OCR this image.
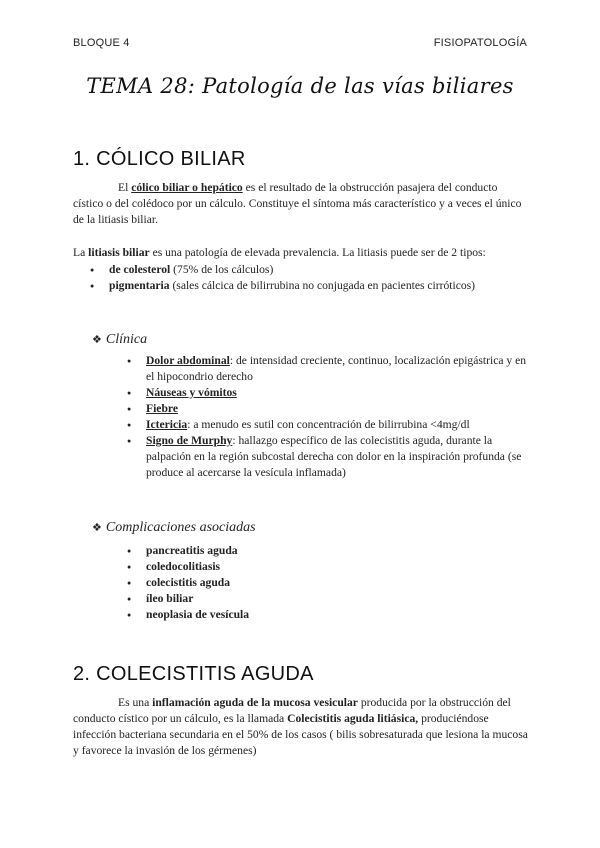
BLOQUE 4	FISIOPATOLOGÍA
TEMA 28: Patología de las vías biliares
1. CÓLICO BILIAR
El cólico biliar o hepático es el resultado de la obstrucción pasajera del conducto cístico o del colédoco por un cálculo. Constituye el síntoma más característico y a veces el único de la litiasis biliar.
La litiasis biliar es una patología de elevada prevalencia. La litiasis puede ser de 2 tipos:
● de colesterol (75% de los cálculos)
● pigmentaria (sales cálcica de bilirrubina no conjugada en pacientes cirróticos)
❖ Clínica
● Dolor abdominal: de intensidad creciente, continuo, localización epigástrica y en el hipocondrio derecho
● Náuseas y vómitos
● Fiebre
● Ictericia: a menudo es sutil con concentración de bilirrubina <4mg/dl
● Signo de Murphy: hallazgo específico de las colecistitis aguda, durante la palpación en la región subcostal derecha con dolor en la inspiración profunda (se produce al acercarse la vesícula inflamada)
❖ Complicaciones asociadas
● pancreatitis aguda
● coledocolitiasis
● colecistitis aguda
● íleo biliar
● neoplasia de vesícula
2. COLECISTITIS AGUDA
Es una inflamación aguda de la mucosa vesicular producida por la obstrucción del conducto cístico por un cálculo, es la llamada Colecistitis aguda litiásica, produciéndose infección bacteriana secundaria en el 50% de los casos ( bilis sobresaturada que lesiona la mucosa y favorece la invasión de los gérmenes)
